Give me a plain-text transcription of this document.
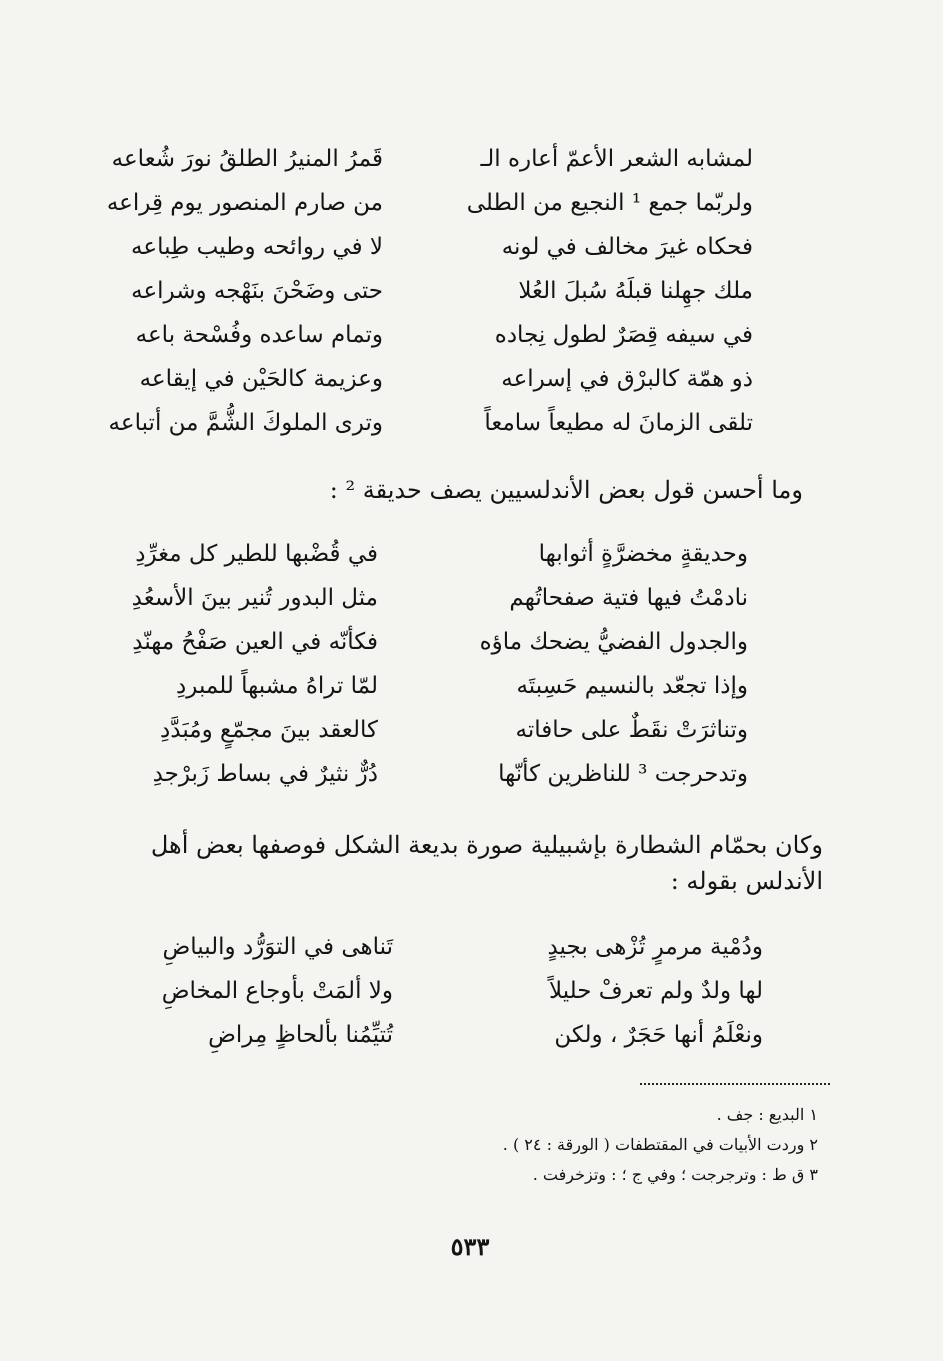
لمشابه الشعر الأعمّ أعاره الـ
قَمرُ المنيرُ الطلقُ نورَ شُعاعه
ولربّما جمع ¹ النجيع من الطلى
من صارم المنصور يوم قِراعه
فحكاه غيرَ مخالف في لونه
لا في روائحه وطيب طِباعه
ملك جهِلنا قبلَهُ سُبلَ العُلا
حتى وضَحْنَ بنَهْجه وشراعه
في سيفه قِصَرٌ لطول نِجاده
وتمام ساعده وفُسْحة باعه
ذو همّة كالبرْق في إسراعه
وعزيمة كالحَيْن في إيقاعه
تلقى الزمانَ له مطيعاً سامعاً
وترى الملوكَ الشُّمَّ من أتباعه
وما أحسن قول بعض الأندلسيين يصف حديقة ² :
وحديقةٍ مخضرَّةٍ أثوابها
في قُضْبها للطير كل مغرِّدِ
نادمْتُ فيها فتية صفحاتُهم
مثل البدور تُنير بينَ الأسعُدِ
والجدول الفضيُّ يضحك ماؤه
فكأنّه في العين صَفْحُ مهنّدِ
وإذا تجعّد بالنسيم حَسِبتَه
لمّا تراهُ مشبهاً للمبردِ
وتناثرَتْ نقَطٌ على حافاته
كالعقد بينَ مجمّعٍ ومُبَدَّدِ
وتدحرجت ³ للناظرين كأنّها
دُرٌّ نثيرٌ في بساط زَبرْجدِ
وكان بحمّام الشطارة بإشبيلية صورة بديعة الشكل فوصفها بعض أهل الأندلس بقوله :
ودُمْية مرمرٍ تُزْهى بجيدٍ
تَناهى في التوَرُّد والبياضِ
لها ولدٌ ولم تعرفْ حليلاً
ولا ألمَتْ بأوجاع المخاضِ
ونعْلَمُ أنها حَجَرٌ ، ولكن
تُتيِّمُنا بألحاظٍ مِراضِ
١ البديع : جف .
٢ وردت الأبيات في المقتطفات ( الورقة : ٢٤ ) .
٣ ق ط : وترجرجت ؛ وفي ج ؛ : وتزخرفت .
٥٣٣
